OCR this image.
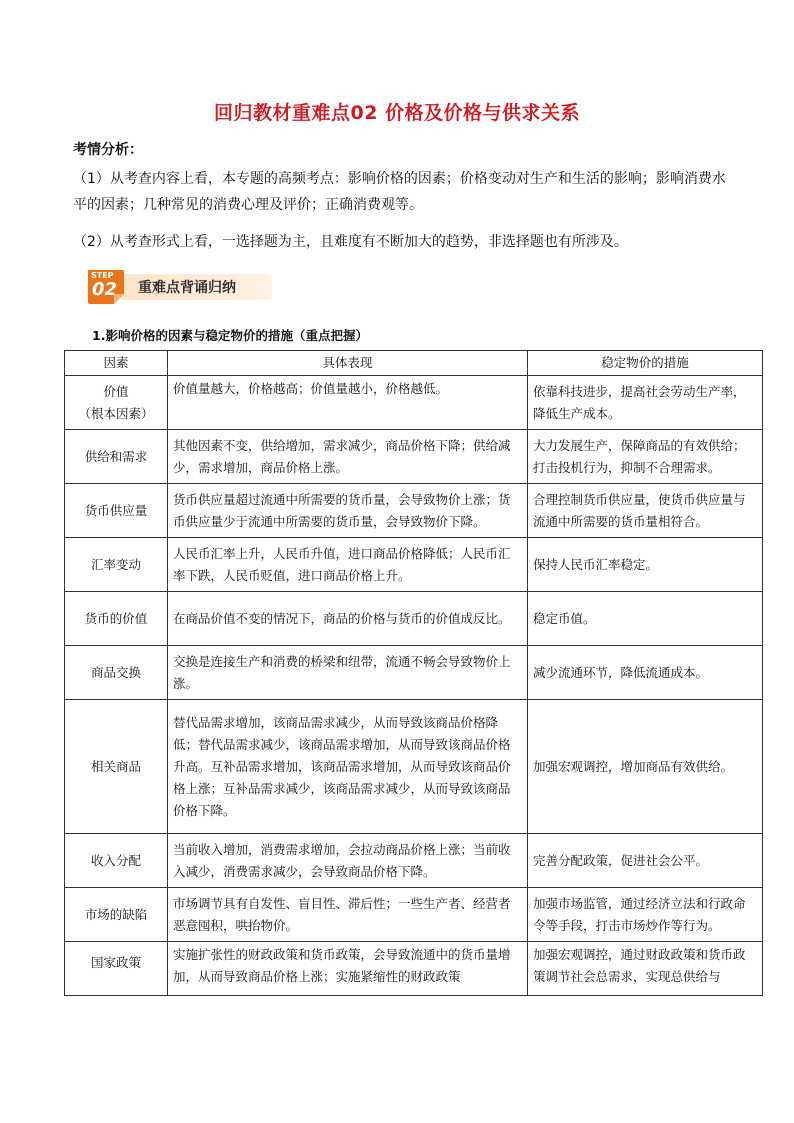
回归教材重难点02 价格及价格与供求关系
考情分析：
（1）从考查内容上看，本专题的高频考点：影响价格的因素；价格变动对生产和生活的影响；影响消费水平的因素；几种常见的消费心理及评价；正确消费观等。
（2）从考查形式上看，一选择题为主，且难度有不断加大的趋势，非选择题也有所涉及。
STEP
02 重难点背诵归纳
1.影响价格的因素与稳定物价的措施（重点把握）
因素	具体表现	稳定物价的措施

价值
（根本因素）	价值量越大，价格越高；价值量越小，价格越低。	依靠科技进步，提高社会劳动生产率，降低生产成本。
供给和需求	其他因素不变，供给增加，需求减少，商品价格下降；供给减少，需求增加，商品价格上涨。	大力发展生产，保障商品的有效供给；打击投机行为，抑制不合理需求。
货币供应量	货币供应量超过流通中所需要的货币量，会导致物价上涨；货币供应量少于流通中所需要的货币量，会导致物价下降。	合理控制货币供应量，使货币供应量与流通中所需要的货币量相符合。
汇率变动	人民币汇率上升，人民币升值，进口商品价格降低；人民币汇率下跌，人民币贬值，进口商品价格上升。	保持人民币汇率稳定。
货币的价值	在商品价值不变的情况下，商品的价格与货币的价值成反比。	稳定币值。
商品交换	交换是连接生产和消费的桥梁和纽带，流通不畅会导致物价上涨。	减少流通环节，降低流通成本。
相关商品	替代品需求增加，该商品需求减少，从而导致该商品价格降低；替代品需求减少，该商品需求增加，从而导致该商品价格升高。互补品需求增加，该商品需求增加，从而导致该商品价格上涨；互补品需求减少，该商品需求减少，从而导致该商品价格下降。	加强宏观调控，增加商品有效供给。
收入分配	当前收入增加，消费需求增加，会拉动商品价格上涨；当前收入减少，消费需求减少，会导致商品价格下降。	完善分配政策，促进社会公平。
市场的缺陷	市场调节具有自发性、盲目性、滞后性；一些生产者、经营者恶意囤积，哄抬物价。	加强市场监管，通过经济立法和行政命令等手段，打击市场炒作等行为。
国家政策	实施扩张性的财政政策和货币政策，会导致流通中的货币量增加，从而导致商品价格上涨；实施紧缩性的财政政策	加强宏观调控，通过财政政策和货币政策调节社会总需求，实现总供给与
